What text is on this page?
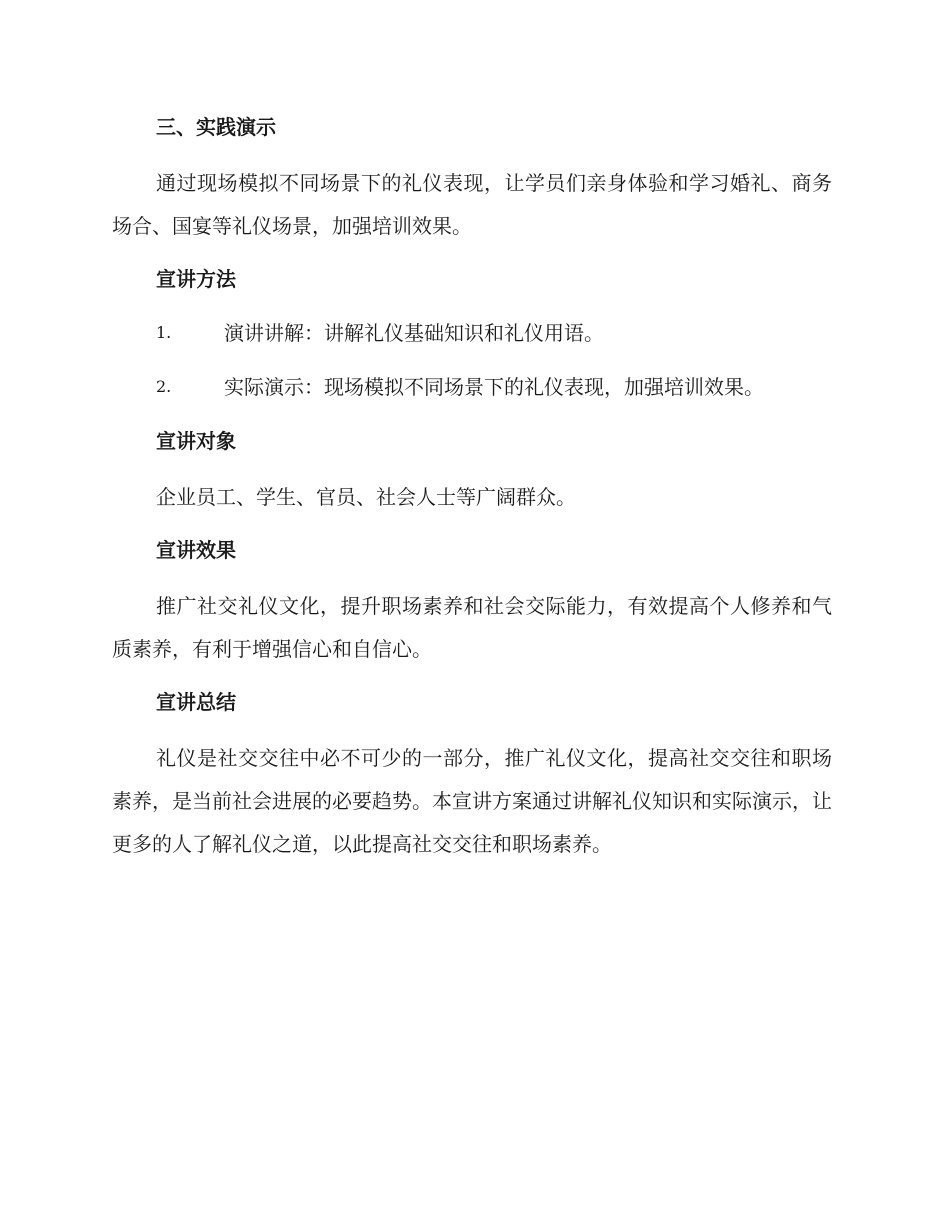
三、实践演示

通过现场模拟不同场景下的礼仪表现，让学员们亲身体验和学习婚礼、商务场合、国宴等礼仪场景，加强培训效果。

宣讲方法
1.	演讲讲解：讲解礼仪基础知识和礼仪用语。
2.	实际演示：现场模拟不同场景下的礼仪表现，加强培训效果。
宣讲对象

企业员工、学生、官员、社会人士等广阔群众。

宣讲效果

推广社交礼仪文化，提升职场素养和社会交际能力，有效提高个人修养和气质素养，有利于增强信心和自信心。

宣讲总结

礼仪是社交交往中必不可少的一部分，推广礼仪文化，提高社交交往和职场素养，是当前社会进展的必要趋势。本宣讲方案通过讲解礼仪知识和实际演示，让更多的人了解礼仪之道，以此提高社交交往和职场素养。
